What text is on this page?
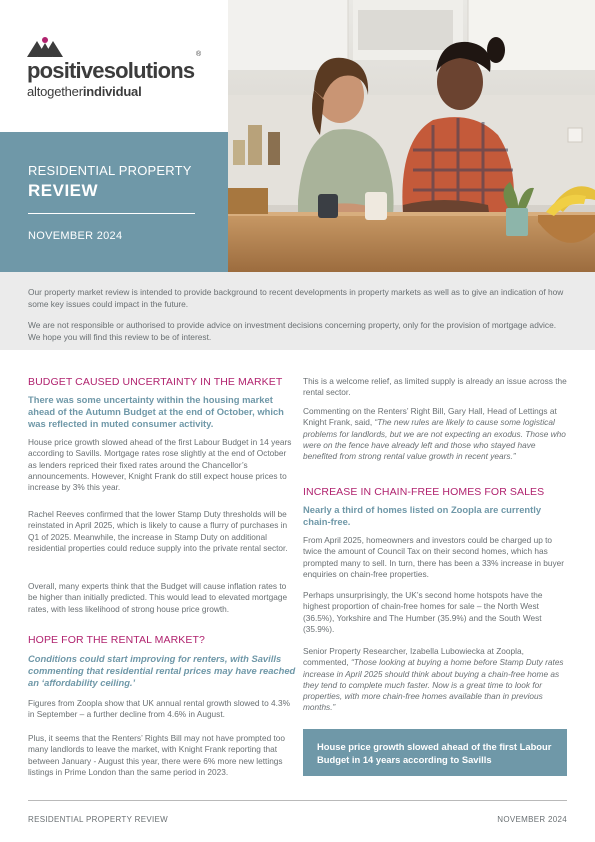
positivesolutions
®
altogetherindividual
RESIDENTIAL PROPERTY
REVIEW
NOVEMBER 2024

Our property market review is intended to provide background to recent developments in property markets as well as to give an indication of how some key issues could impact in the future.

We are not responsible or authorised to provide advice on investment decisions concerning property, only for the provision of mortgage advice. We hope you will find this review to be of interest.

BUDGET CAUSED UNCERTAINTY IN THE MARKET

There was some uncertainty within the housing market ahead of the Autumn Budget at the end of October, which was reflected in muted consumer activity.

House price growth slowed ahead of the first Labour Budget in 14 years according to Savills. Mortgage rates rose slightly at the end of October as lenders repriced their fixed rates around the Chancellor’s announcements. However, Knight Frank do still expect house prices to increase by 3% this year.

Rachel Reeves confirmed that the lower Stamp Duty thresholds will be reinstated in April 2025, which is likely to cause a flurry of purchases in Q1 of 2025. Meanwhile, the increase in Stamp Duty on additional residential properties could reduce supply into the private rental sector.

Overall, many experts think that the Budget will cause inflation rates to be higher than initially predicted. This would lead to elevated mortgage rates, with less likelihood of strong house price growth.

HOPE FOR THE RENTAL MARKET?

Conditions could start improving for renters, with Savills commenting that residential rental prices may have reached an ‘affordability ceiling.’

Figures from Zoopla show that UK annual rental growth slowed to 4.3% in September – a further decline from 4.6% in August.

Plus, it seems that the Renters’ Rights Bill may not have prompted too many landlords to leave the market, with Knight Frank reporting that between January - August this year, there were 6% more new lettings listings in Prime London than the same period in 2023.

This is a welcome relief, as limited supply is already an issue across the rental sector.

Commenting on the Renters’ Right Bill, Gary Hall, Head of Lettings at Knight Frank, said, “The new rules are likely to cause some logistical problems for landlords, but we are not expecting an exodus. Those who were on the fence have already left and those who stayed have benefited from strong rental value growth in recent years.”

INCREASE IN CHAIN-FREE HOMES FOR SALES

Nearly a third of homes listed on Zoopla are currently chain-free.

From April 2025, homeowners and investors could be charged up to twice the amount of Council Tax on their second homes, which has prompted many to sell. In turn, there has been a 33% increase in buyer enquiries on chain-free properties.

Perhaps unsurprisingly, the UK’s second home hotspots have the highest proportion of chain-free homes for sale – the North West (36.5%), Yorkshire and The Humber (35.9%) and the South West (35.9%).

Senior Property Researcher, Izabella Lubowiecka at Zoopla, commented, “Those looking at buying a home before Stamp Duty rates increase in April 2025 should think about buying a chain-free home as they tend to complete much faster. Now is a great time to look for properties, with more chain-free homes available than in previous months.”

House price growth slowed ahead of the first Labour Budget in 14 years according to Savills
RESIDENTIAL PROPERTY REVIEW	NOVEMBER 2024
